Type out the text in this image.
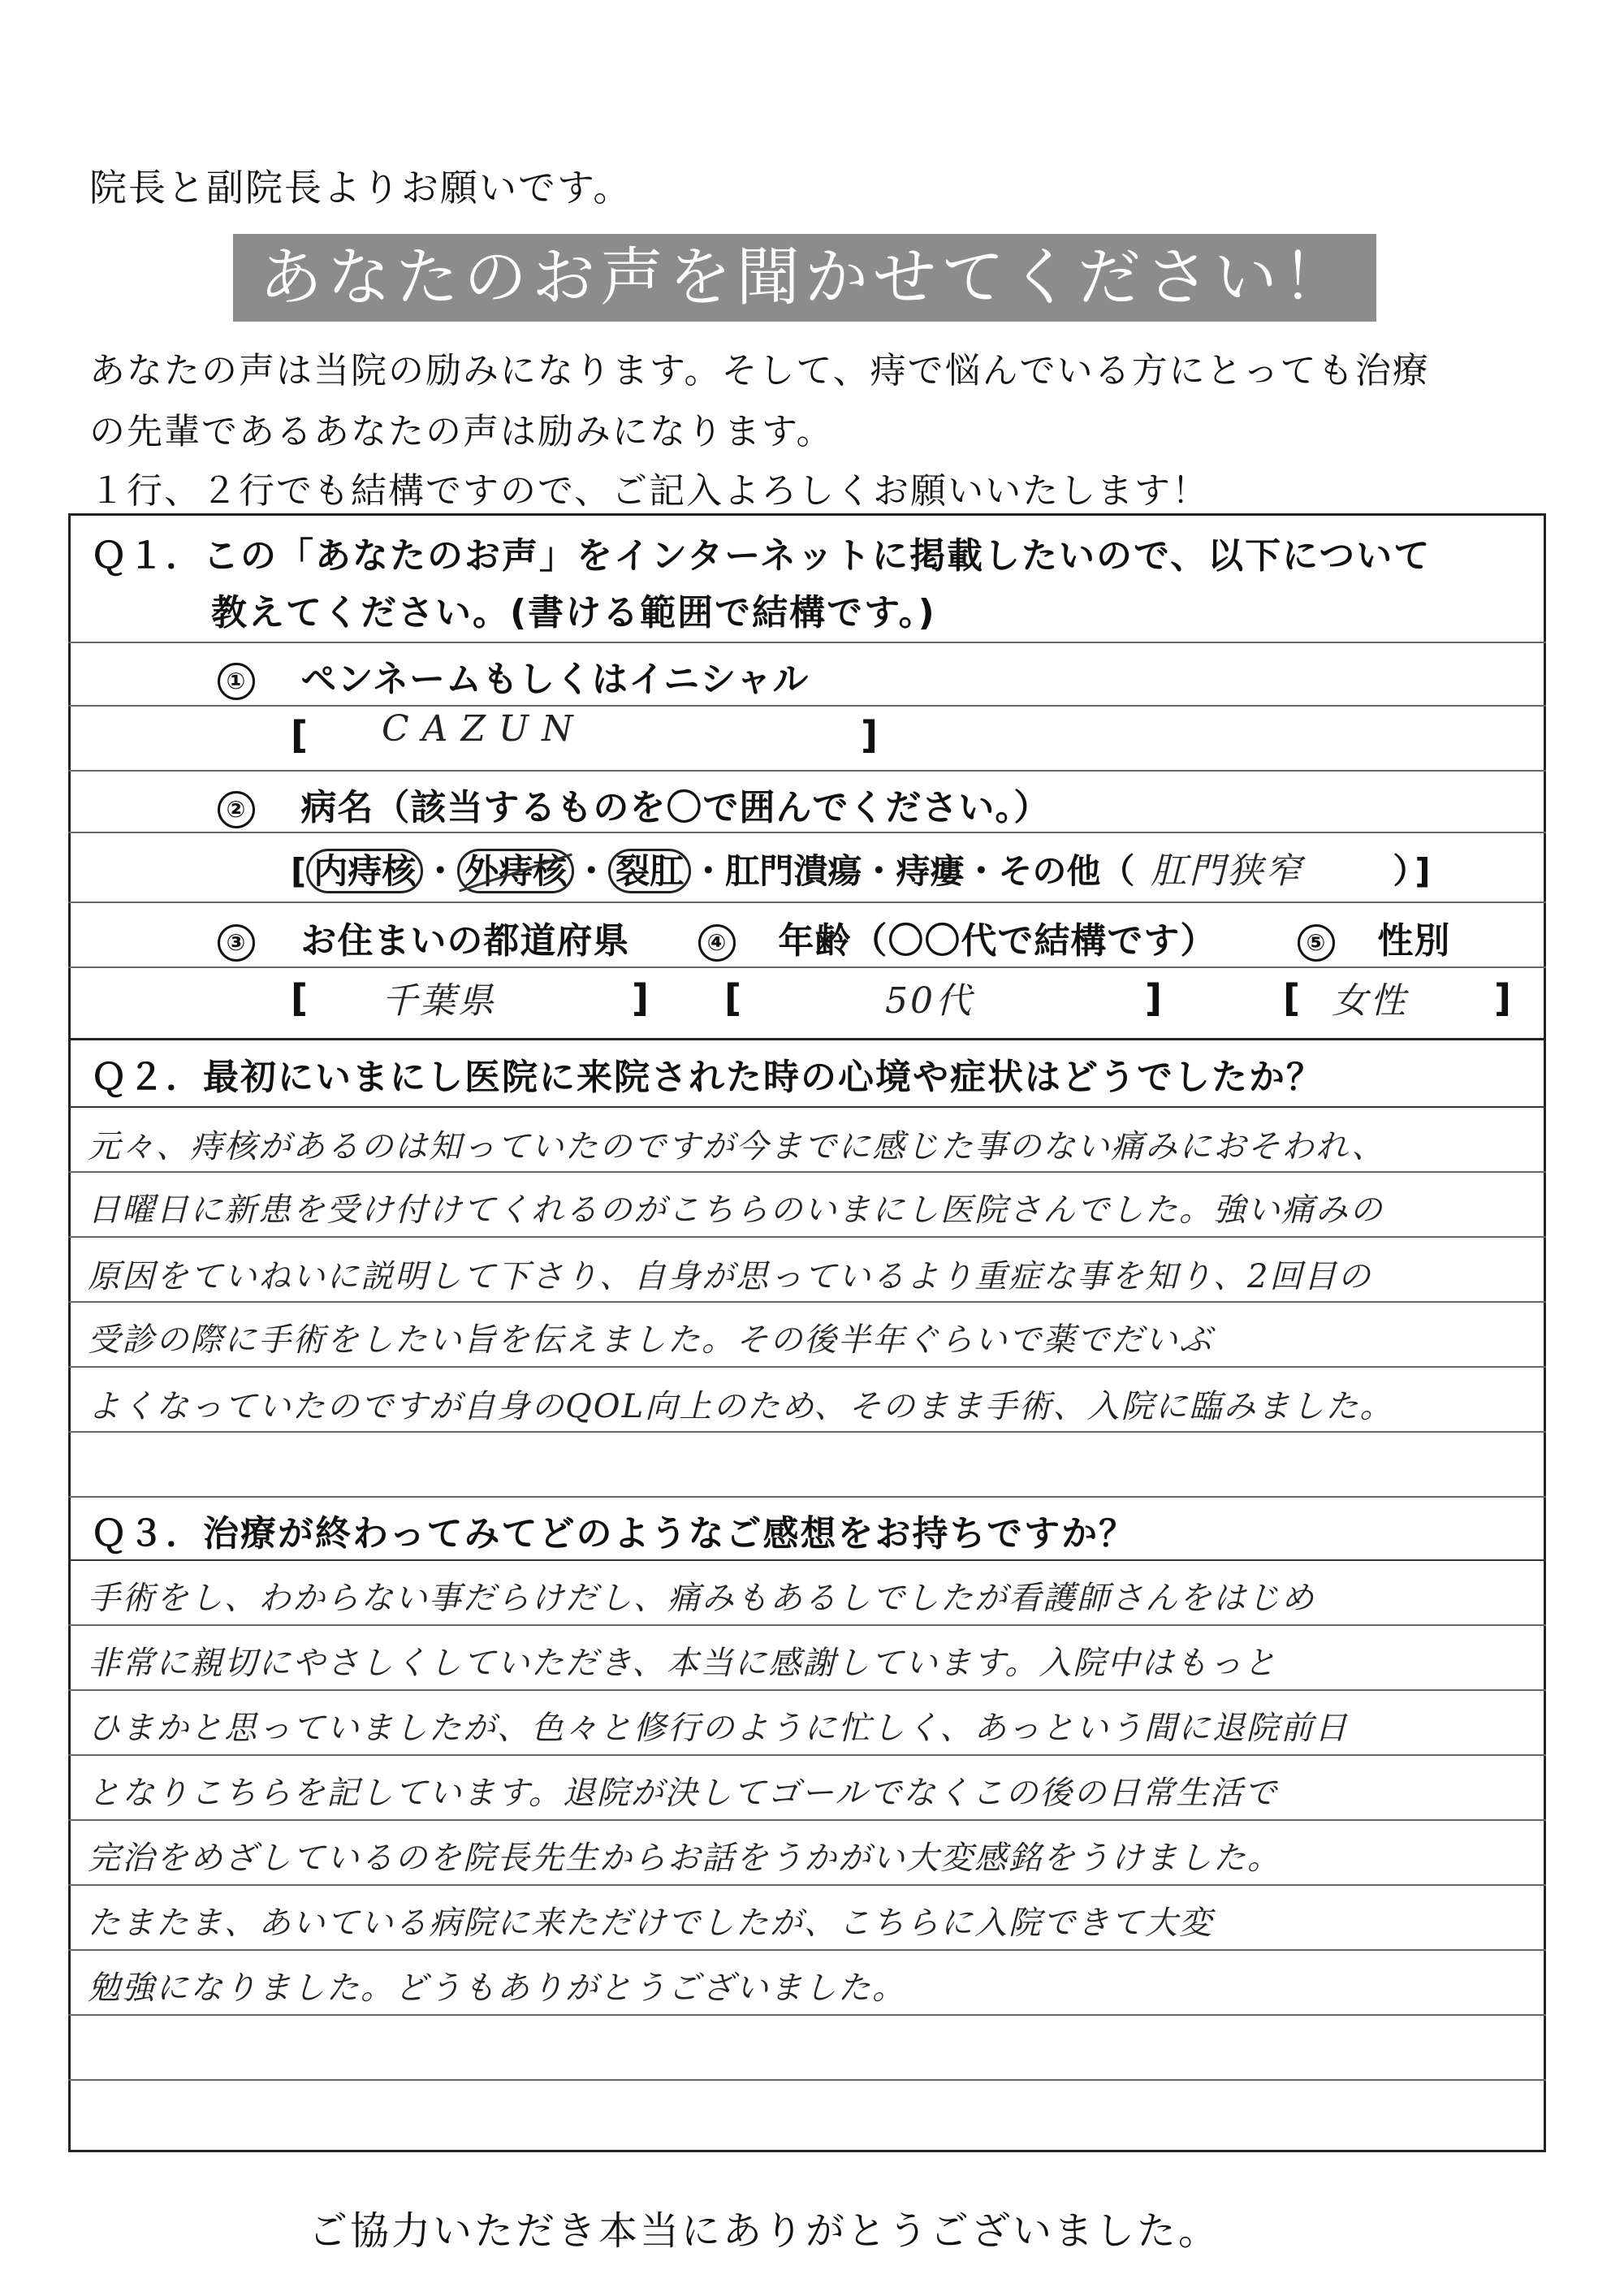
院長と副院長よりお願いです。
あなたのお声を聞かせてください！
あなたの声は当院の励みになります。そして、痔で悩んでいる方にとっても治療
の先輩であるあなたの声は励みになります。
１行、２行でも結構ですので、ご記入よろしくお願いいたします！
Ｑ１．この「あなたのお声」をインターネットに掲載したいので、以下について
教えてください。(書ける範囲で結構です。)
① ペンネームもしくはイニシャル
[ CAZUN	]
② 病名（該当するものを〇で囲んでください。）
[ 内痔核 ・ 外痔核 ・ 裂肛 ・肛門潰瘍・痔瘻・その他（ 肛門狭窄	） ]
③ お住まいの都道府県	④ 年齢（〇〇代で結構です）	⑤ 性別
[ 千葉県	] [	50代	]	[ 女性 ]
Ｑ２．最初にいまにし医院に来院された時の心境や症状はどうでしたか？
元々、痔核があるのは知っていたのですが今までに感じた事のない痛みにおそわれ、
日曜日に新患を受け付けてくれるのがこちらのいまにし医院さんでした。強い痛みの
原因をていねいに説明して下さり、自身が思っているより重症な事を知り、2回目の
受診の際に手術をしたい旨を伝えました。その後半年ぐらいで薬でだいぶ
よくなっていたのですが自身のQOL向上のため、そのまま手術、入院に臨みました。
Ｑ３．治療が終わってみてどのようなご感想をお持ちですか？
手術をし、わからない事だらけだし、痛みもあるしでしたが看護師さんをはじめ
非常に親切にやさしくしていただき、本当に感謝しています。入院中はもっと
ひまかと思っていましたが、色々と修行のように忙しく、あっという間に退院前日
となりこちらを記しています。退院が決してゴールでなくこの後の日常生活で
完治をめざしているのを院長先生からお話をうかがい大変感銘をうけました。
たまたま、あいている病院に来ただけでしたが、こちらに入院できて大変
勉強になりました。どうもありがとうございました。
ご協力いただき本当にありがとうございました。
